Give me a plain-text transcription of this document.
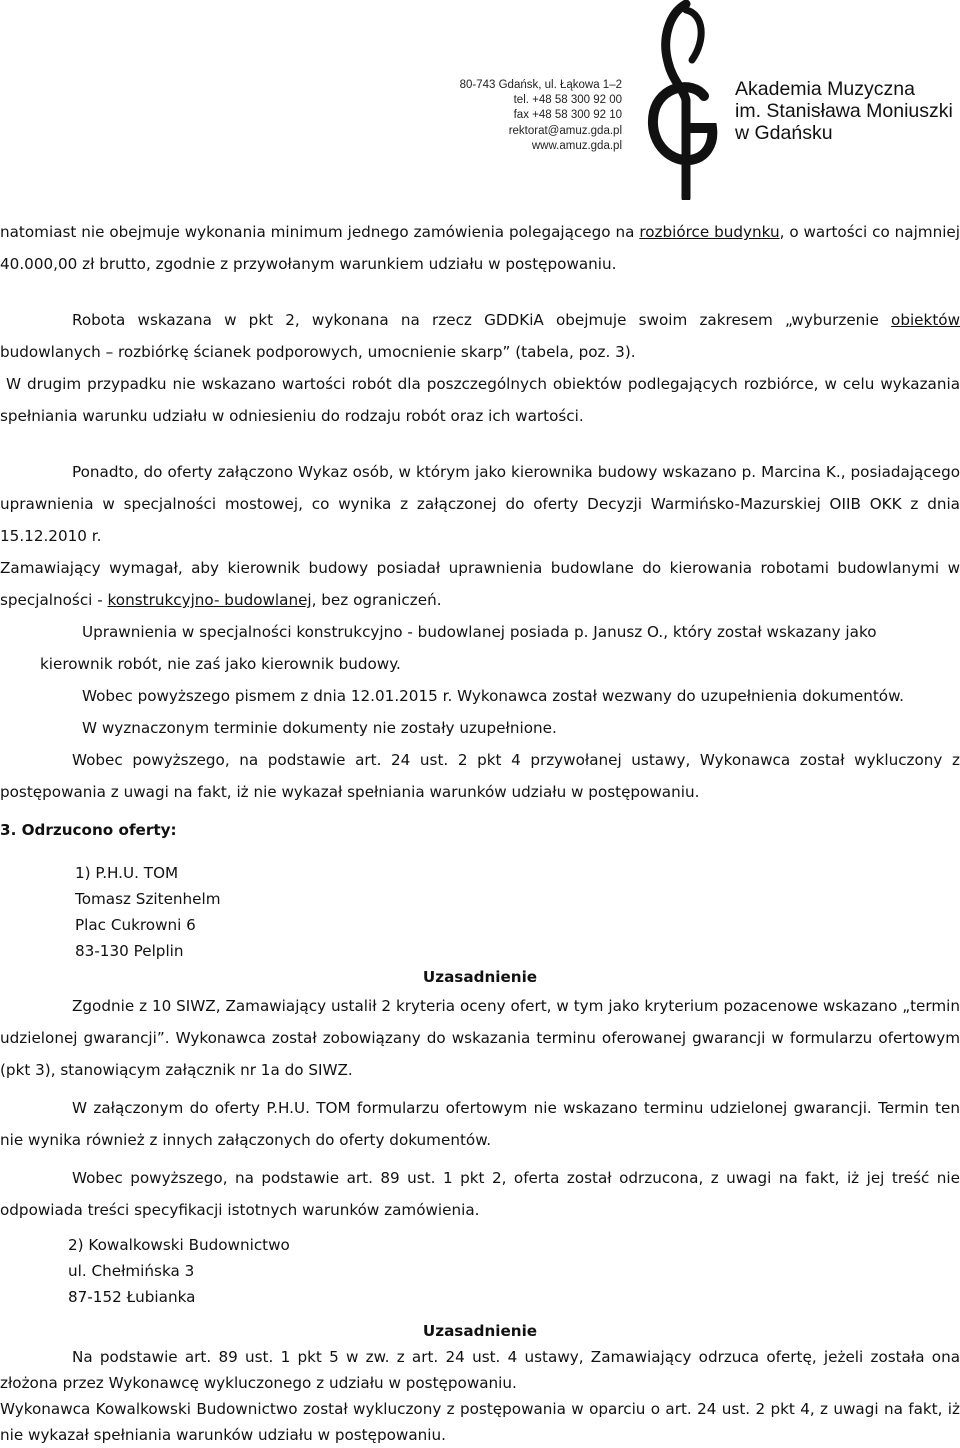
80-743 Gdańsk, ul. Łąkowa 1–2
tel. +48 58 300 92 00
fax +48 58 300 92 10
rektorat@amuz.gda.pl
www.amuz.gda.pl
Akademia Muzyczna
im. Stanisława Moniuszki
w Gdańsku

natomiast nie obejmuje wykonania minimum jednego zamówienia polegającego na rozbiórce budynku, o wartości co najmniej 40.000,00 zł brutto, zgodnie z przywołanym warunkiem udziału w postępowaniu.

Robota wskazana w pkt 2, wykonana na rzecz GDDKiA obejmuje swoim zakresem „wyburzenie obiektów budowlanych – rozbiórkę ścianek podporowych, umocnienie skarp” (tabela, poz. 3).

W drugim przypadku nie wskazano wartości robót dla poszczególnych obiektów podlegających rozbiórce, w celu wykazania spełniania warunku udziału w odniesieniu do rodzaju robót oraz ich wartości.

Ponadto, do oferty załączono Wykaz osób, w którym jako kierownika budowy wskazano p. Marcina K., posiadającego uprawnienia w specjalności mostowej, co wynika z załączonej do oferty Decyzji Warmińsko-Mazurskiej OIIB OKK z dnia 15.12.2010 r.

Zamawiający wymagał, aby kierownik budowy posiadał uprawnienia budowlane do kierowania robotami budowlanymi w specjalności - konstrukcyjno- budowlanej, bez ograniczeń.

Uprawnienia w specjalności konstrukcyjno - budowlanej posiada p. Janusz O., który został wskazany jako

kierownik robót, nie zaś jako kierownik budowy.

Wobec powyższego pismem z dnia 12.01.2015 r. Wykonawca został wezwany do uzupełnienia dokumentów.

W wyznaczonym terminie dokumenty nie zostały uzupełnione.

Wobec powyższego, na podstawie art. 24 ust. 2 pkt 4 przywołanej ustawy, Wykonawca został wykluczony z postępowania z uwagi na fakt, iż nie wykazał spełniania warunków udziału w postępowaniu.

3. Odrzucono oferty:

1) P.H.U. TOM

Tomasz Szitenhelm

Plac Cukrowni 6

83-130 Pelplin

Uzasadnienie

Zgodnie z 10 SIWZ, Zamawiający ustalił 2 kryteria oceny ofert, w tym jako kryterium pozacenowe wskazano „termin udzielonej gwarancji”. Wykonawca został zobowiązany do wskazania terminu oferowanej gwarancji w formularzu ofertowym (pkt 3), stanowiącym załącznik nr 1a do SIWZ.

W załączonym do oferty P.H.U. TOM formularzu ofertowym nie wskazano terminu udzielonej gwarancji. Termin ten nie wynika również z innych załączonych do oferty dokumentów.

Wobec powyższego, na podstawie art. 89 ust. 1 pkt 2, oferta został odrzucona, z uwagi na fakt, iż jej treść nie odpowiada treści specyfikacji istotnych warunków zamówienia.

2) Kowalkowski Budownictwo

ul. Chełmińska 3

87-152 Łubianka

Uzasadnienie

Na podstawie art. 89 ust. 1 pkt 5 w zw. z art. 24 ust. 4 ustawy, Zamawiający odrzuca ofertę, jeżeli została ona złożona przez Wykonawcę wykluczonego z udziału w postępowaniu.

Wykonawca Kowalkowski Budownictwo został wykluczony z postępowania w oparciu o art. 24 ust. 2 pkt 4, z uwagi na fakt, iż nie wykazał spełniania warunków udziału w postępowaniu.
